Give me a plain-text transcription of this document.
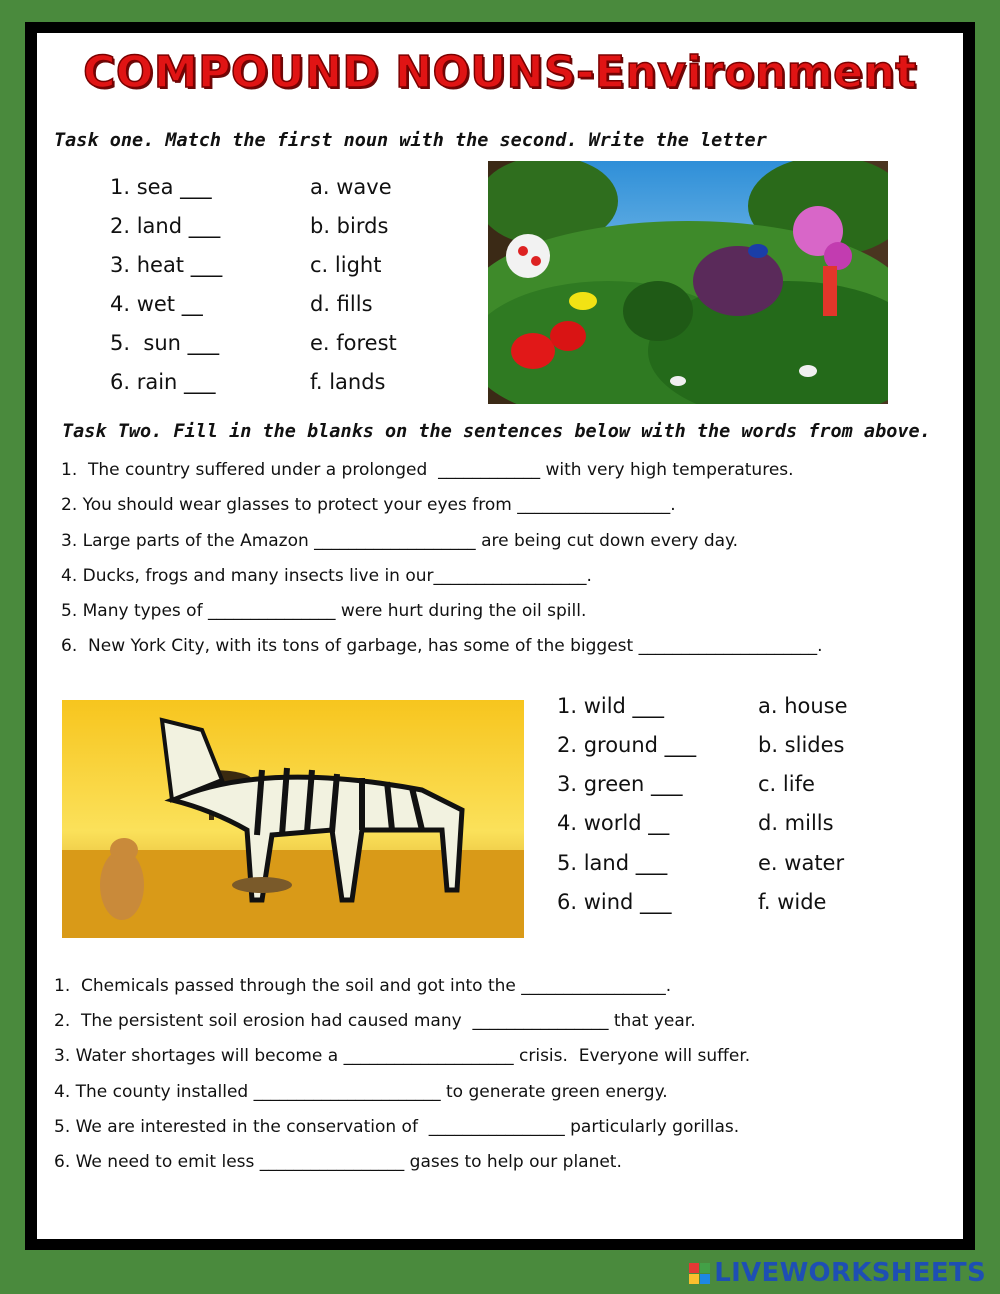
COMPOUND NOUNS-Environment
Task one. Match the first noun with the second. Write the letter
1. sea ___
2. land ___
3. heat ___
4. wet __
5.  sun ___
6. rain ___
a. wave
b. birds
c. light
d. fills
e. forest
f. lands
Task Two. Fill in the blanks on the sentences below with the words from above.
1.  The country suffered under a prolonged  ____________ with very high temperatures.
2. You should wear glasses to protect your eyes from __________________.
3. Large parts of the Amazon ___________________ are being cut down every day.
4. Ducks, frogs and many insects live in our__________________.
5. Many types of _______________ were hurt during the oil spill.
6.  New York City, with its tons of garbage, has some of the biggest _____________________.
1. wild ___
2. ground ___
3. green ___
4. world __
5. land ___
6. wind ___
a. house
b. slides
c. life
d. mills
e. water
f. wide
1.  Chemicals passed through the soil and got into the _________________.
2.  The persistent soil erosion had caused many  ________________ that year.
3. Water shortages will become a ____________________ crisis.  Everyone will suffer.
4. The county installed ______________________ to generate green energy.
5. We are interested in the conservation of  ________________ particularly gorillas.
6. We need to emit less _________________ gases to help our planet.
LIVEWORKSHEETS
